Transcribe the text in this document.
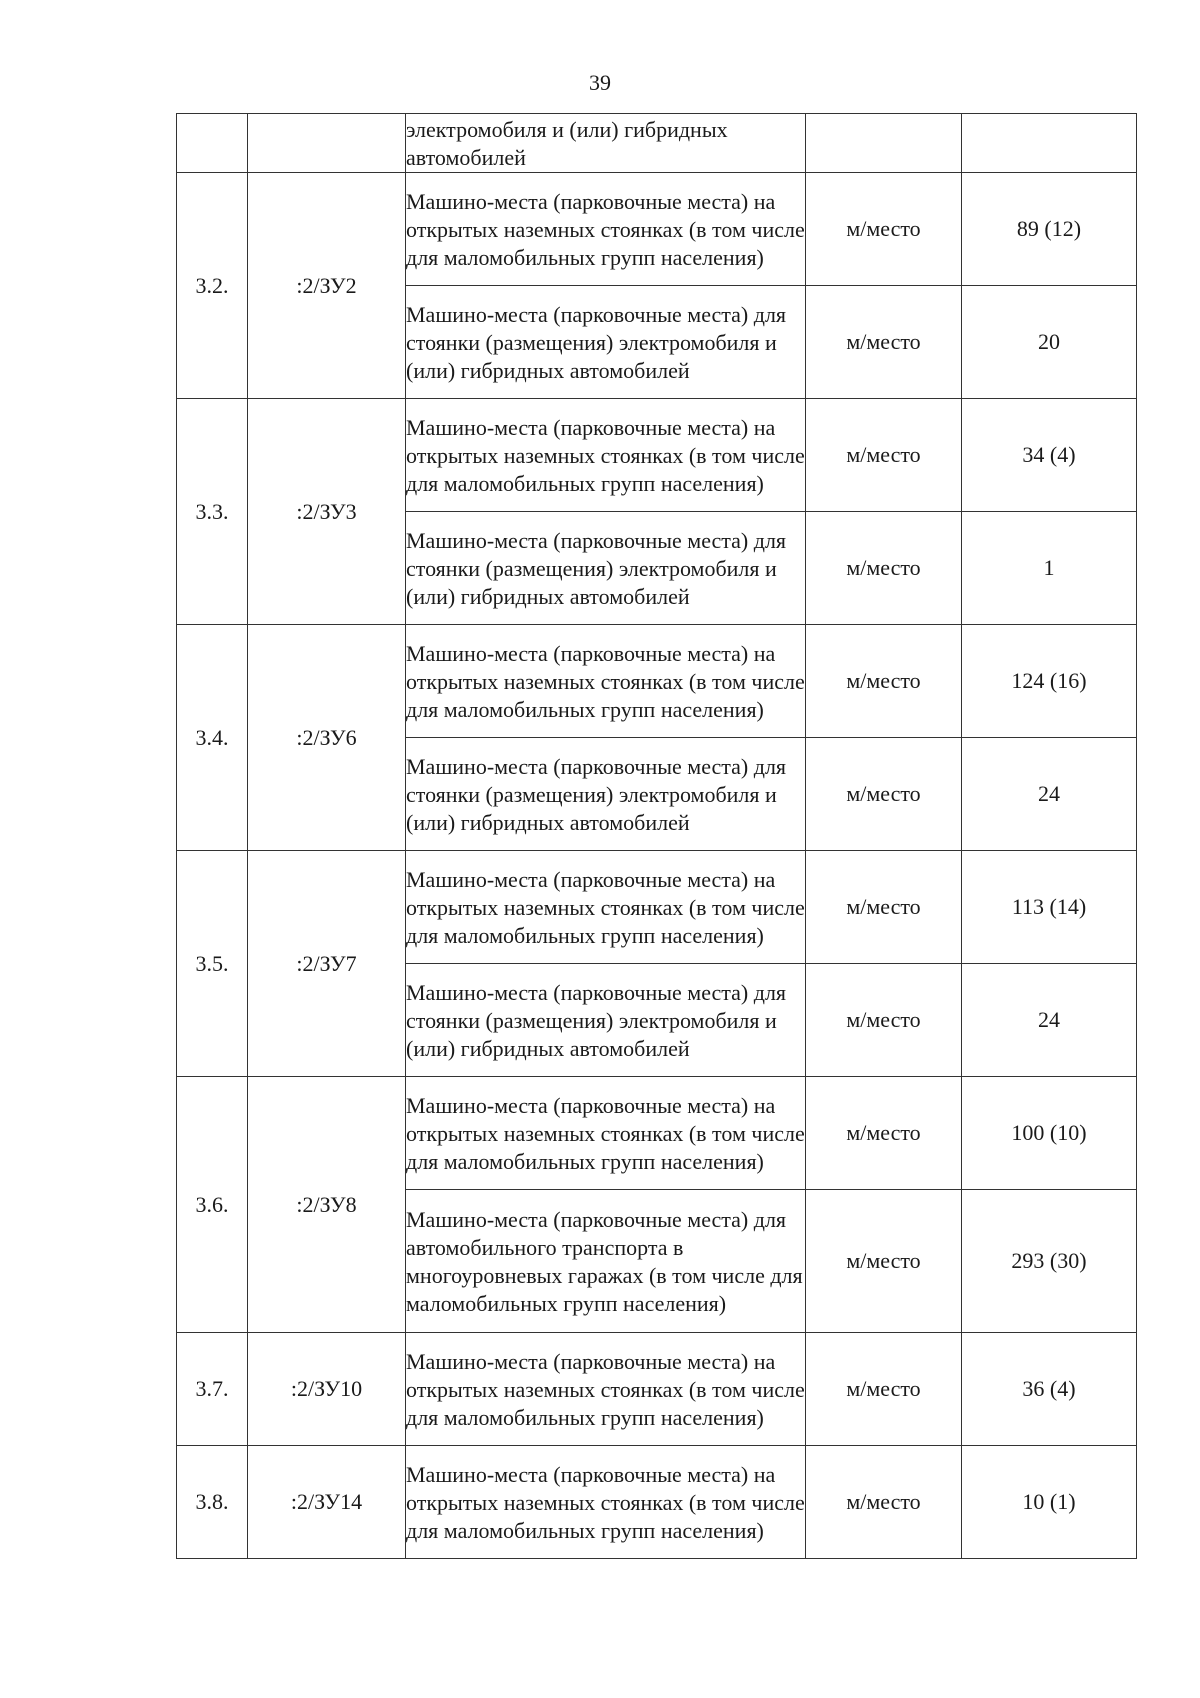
39

		электромобиля и (или) гибридных автомобилей		

3.2.	:2/ЗУ2	Машино-места (парковочные места) на открытых наземных стоянках (в том числе для маломобильных групп населения)	м/место	89 (12)

		Машино-места (парковочные места) для стоянки (размещения) электромобиля и (или) гибридных автомобилей	м/место	20
3.3.	:2/ЗУ3	Машино-места (парковочные места) на открытых наземных стоянках (в том числе для маломобильных групп населения)	м/место	34 (4)

		Машино-места (парковочные места) для стоянки (размещения) электромобиля и (или) гибридных автомобилей	м/место	1
3.4.	:2/ЗУ6	Машино-места (парковочные места) на открытых наземных стоянках (в том числе для маломобильных групп населения)	м/место	124 (16)

		Машино-места (парковочные места) для стоянки (размещения) электромобиля и (или) гибридных автомобилей	м/место	24
3.5.	:2/ЗУ7	Машино-места (парковочные места) на открытых наземных стоянках (в том числе для маломобильных групп населения)	м/место	113 (14)

		Машино-места (парковочные места) для стоянки (размещения) электромобиля и (или) гибридных автомобилей	м/место	24
3.6.	:2/ЗУ8	Машино-места (парковочные места) на открытых наземных стоянках (в том числе для маломобильных групп населения)	м/место	100 (10)

		Машино-места (парковочные места) для автомобильного транспорта в многоуровневых гаражах (в том числе для маломобильных групп населения)	м/место	293 (30)
3.7.	:2/ЗУ10	Машино-места (парковочные места) на открытых наземных стоянках (в том числе для маломобильных групп населения)	м/место	36 (4)
3.8.	:2/ЗУ14	Машино-места (парковочные места) на открытых наземных стоянках (в том числе для маломобильных групп населения)	м/место	10 (1)
